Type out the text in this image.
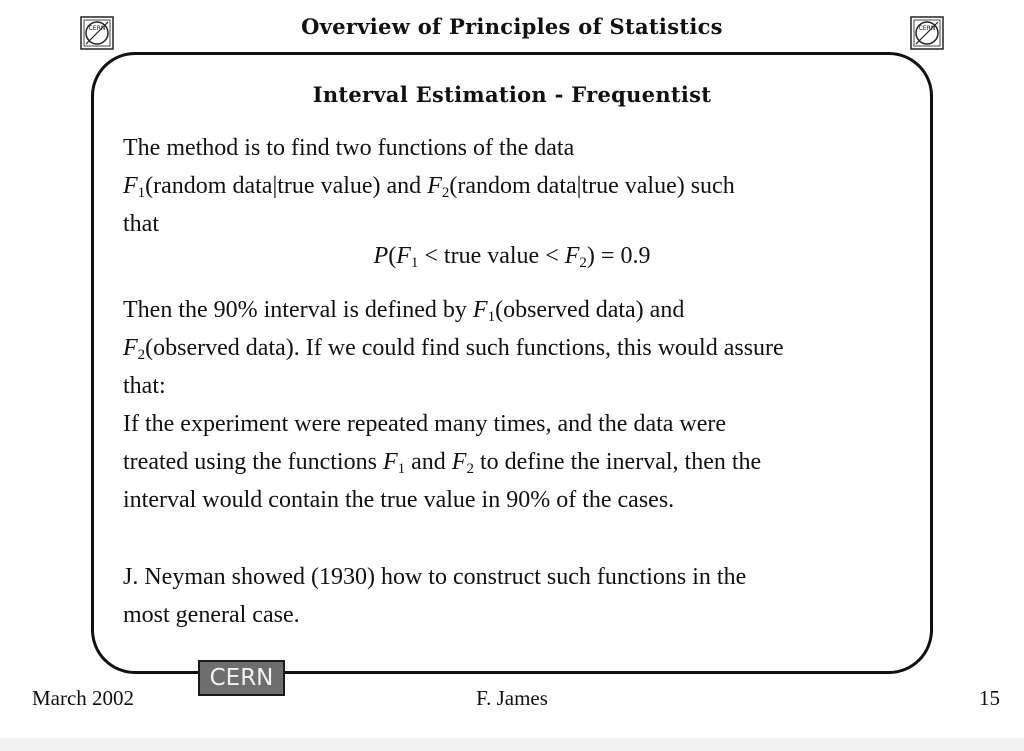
Overview of Principles of Statistics
CERN	CERN
Interval Estimation - Frequentist
The method is to find two functions of the data
$F_1(random$ data|true value) and $F_2(random$ data|true value) such
that
$P(F_1$ < true value < $F_2) = 0.9$
Then the 90% interval is defined by $F_1(observed$ data) and
$F_2(observed$ data). If we could find such functions, this would assure
that:
If the experiment were repeated many times, and the data were
treated using the functions $F_1$ and $F_2$ to define the inerval, then the
interval would contain the true value in 90% of the cases.
J. Neyman showed (1930) how to construct such functions in the
most general case.
CERN
March 2002	F. James	15
